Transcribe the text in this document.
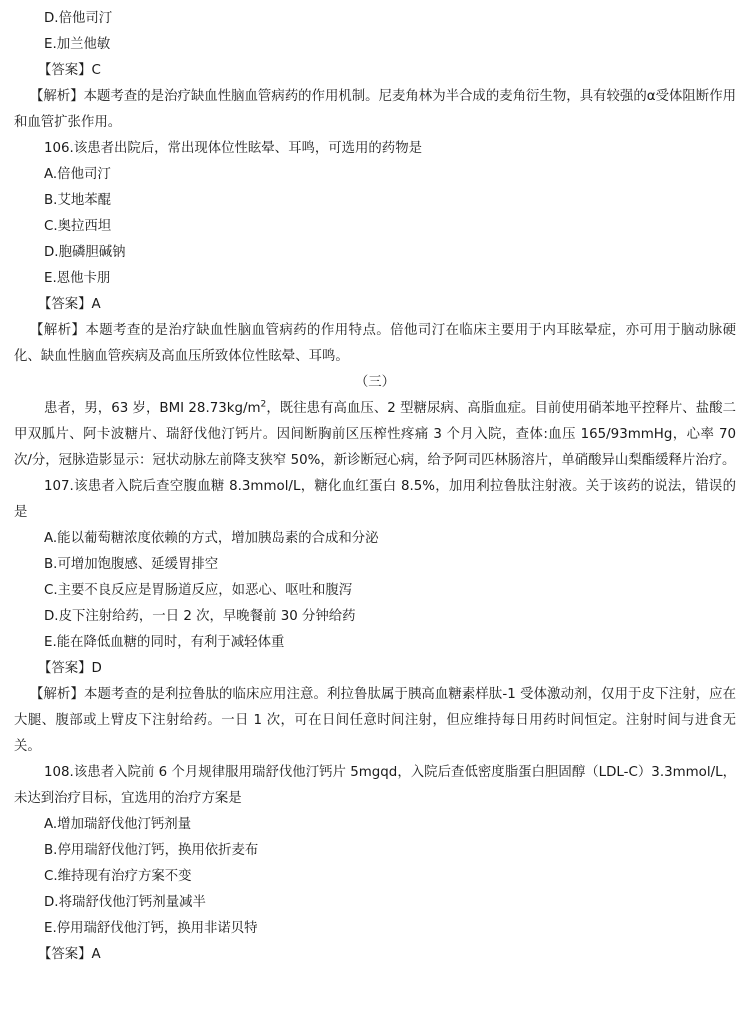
D.倍他司汀
E.加兰他敏
【答案】C
【解析】本题考查的是治疗缺血性脑血管病药的作用机制。尼麦角林为半合成的麦角衍生物，具有较强的α受体阻断作用和血管扩张作用。
106.该患者出院后，常出现体位性眩晕、耳鸣，可选用的药物是
A.倍他司汀
B.艾地苯醌
C.奥拉西坦
D.胞磷胆碱钠
E.恩他卡朋
【答案】A
【解析】本题考查的是治疗缺血性脑血管病药的作用特点。倍他司汀在临床主要用于内耳眩晕症，亦可用于脑动脉硬化、缺血性脑血管疾病及高血压所致体位性眩晕、耳鸣。
（三）
患者，男，63 岁，BMI $28.73kg/m^2$，既往患有高血压、2 型糖尿病、高脂血症。目前使用硝苯地平控释片、盐酸二甲双胍片、阿卡波糖片、瑞舒伐他汀钙片。因间断胸前区压榨性疼痛 3 个月入院，查体:血压 165/93mmHg，心率 70 次/分，冠脉造影显示：冠状动脉左前降支狭窄 50%，新诊断冠心病，给予阿司匹林肠溶片，单硝酸异山梨酯缓释片治疗。
107.该患者入院后查空腹血糖 8.3mmol/L，糖化血红蛋白 8.5%，加用利拉鲁肽注射液。关于该药的说法，错误的是
A.能以葡萄糖浓度依赖的方式，增加胰岛素的合成和分泌
B.可增加饱腹感、延缓胃排空
C.主要不良反应是胃肠道反应，如恶心、呕吐和腹泻
D.皮下注射给药，一日 2 次，早晚餐前 30 分钟给药
E.能在降低血糖的同时，有利于减轻体重
【答案】D
【解析】本题考查的是利拉鲁肽的临床应用注意。利拉鲁肽属于胰高血糖素样肽-1 受体激动剂，仅用于皮下注射，应在大腿、腹部或上臂皮下注射给药。一日 1 次，可在日间任意时间注射，但应维持每日用药时间恒定。注射时间与进食无关。
108.该患者入院前 6 个月规律服用瑞舒伐他汀钙片 5mgqd，入院后查低密度脂蛋白胆固醇（LDL-C）3.3mmol/L， 未达到治疗目标，宜选用的治疗方案是
A.增加瑞舒伐他汀钙剂量
B.停用瑞舒伐他汀钙，换用依折麦布
C.维持现有治疗方案不变
D.将瑞舒伐他汀钙剂量减半
E.停用瑞舒伐他汀钙，换用非诺贝特
【答案】A
